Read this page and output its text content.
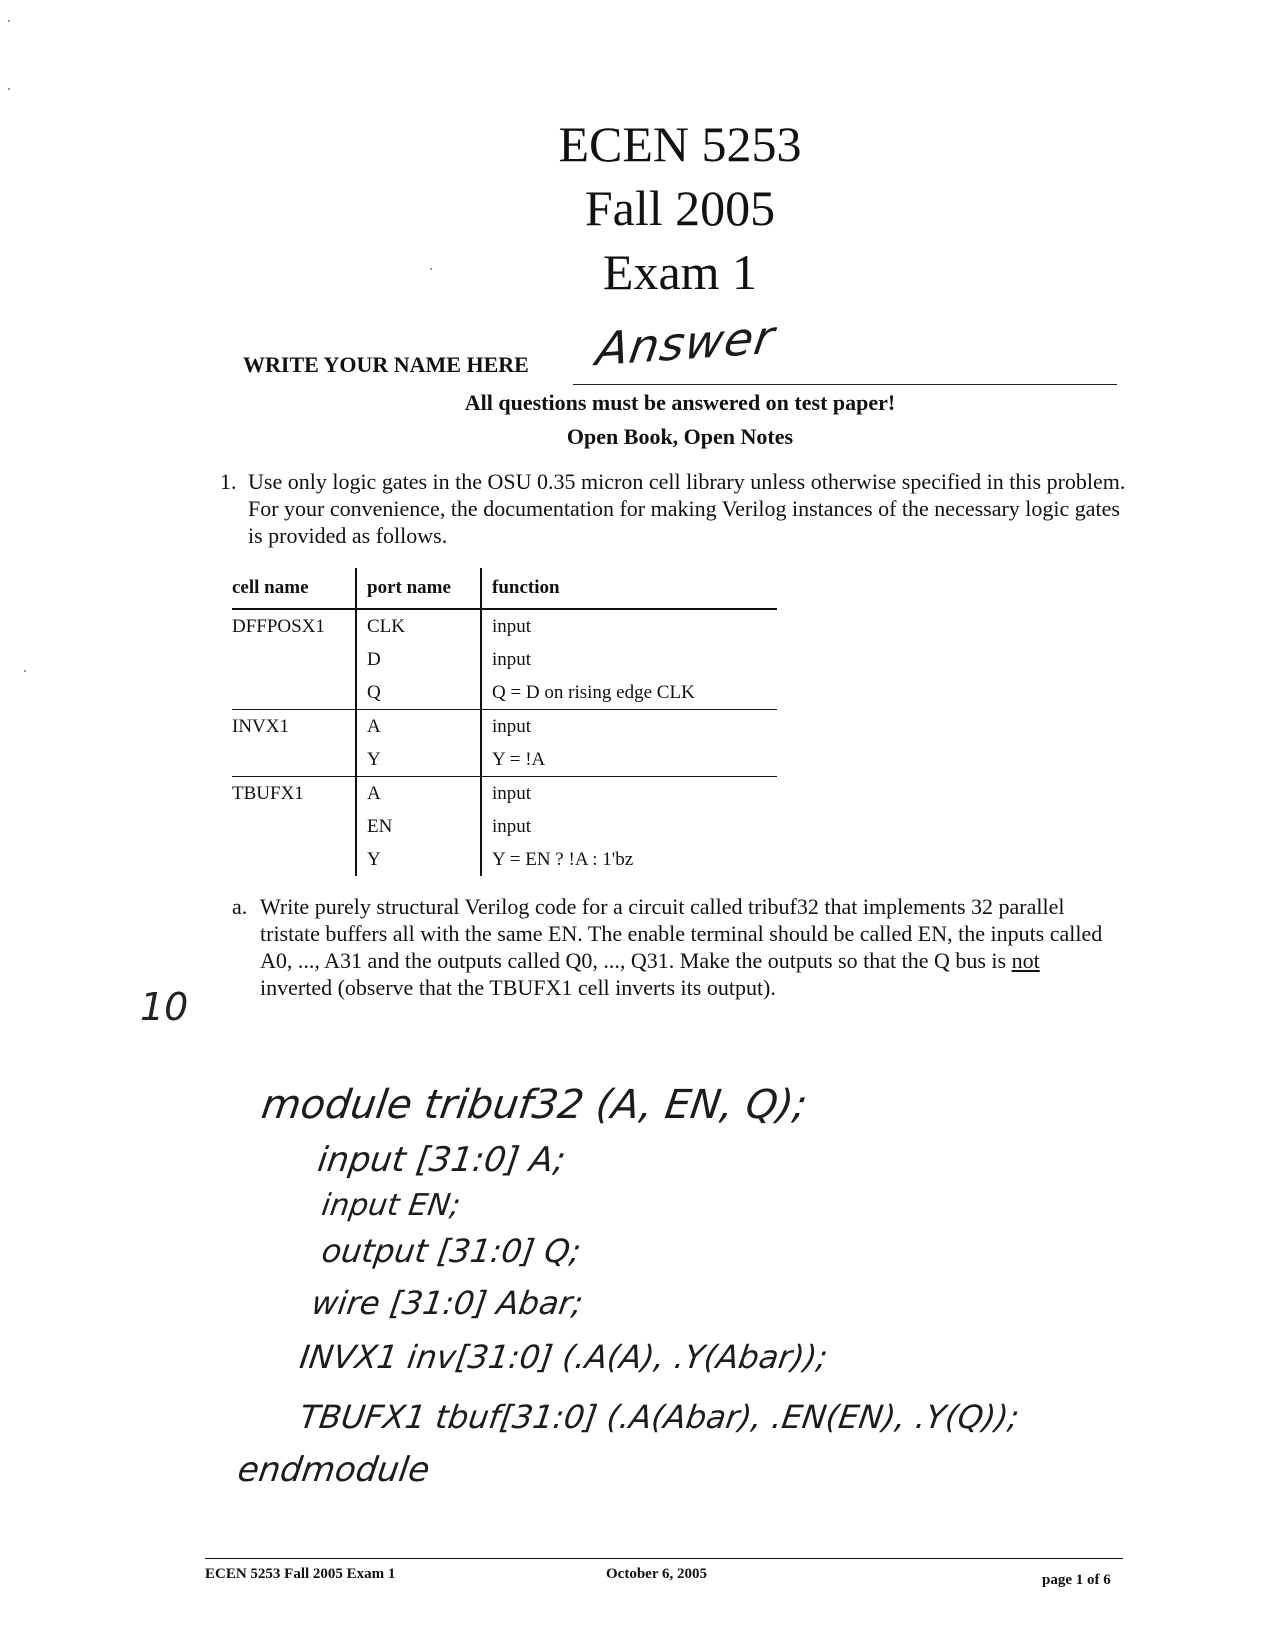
ECEN 5253
Fall 2005
Exam 1
WRITE YOUR NAME HERE Answer
All questions must be answered on test paper!
Open Book, Open Notes
1. Use only logic gates in the OSU 0.35 micron cell library unless otherwise specified in this problem. For your convenience, the documentation for making Verilog instances of the necessary logic gates is provided as follows.
cell name	port name	function
DFFPOSX1	CLK	input
	D	input
	Q	Q = D on rising edge CLK
INVX1	A	input
	Y	Y = !A
TBUFX1	A	input
	EN	input
	Y	Y = EN ? !A : 1'bz
a. Write purely structural Verilog code for a circuit called tribuf32 that implements 32 parallel tristate buffers all with the same EN. The enable terminal should be called EN, the inputs called A0, ..., A31 and the outputs called Q0, ..., Q31. Make the outputs so that the Q bus is not inverted (observe that the TBUFX1 cell inverts its output).
10
module tribuf32 (A, EN, Q);
input [31:0] A;
input EN;
output [31:0] Q;
wire [31:0] Abar;
INVX1 inv[31:0] (.A(A), .Y(Abar));
TBUFX1 tbuf[31:0] (.A(Abar), .EN(EN), .Y(Q));
endmodule
ECEN 5253 Fall 2005 Exam 1	October 6, 2005	page 1 of 6
